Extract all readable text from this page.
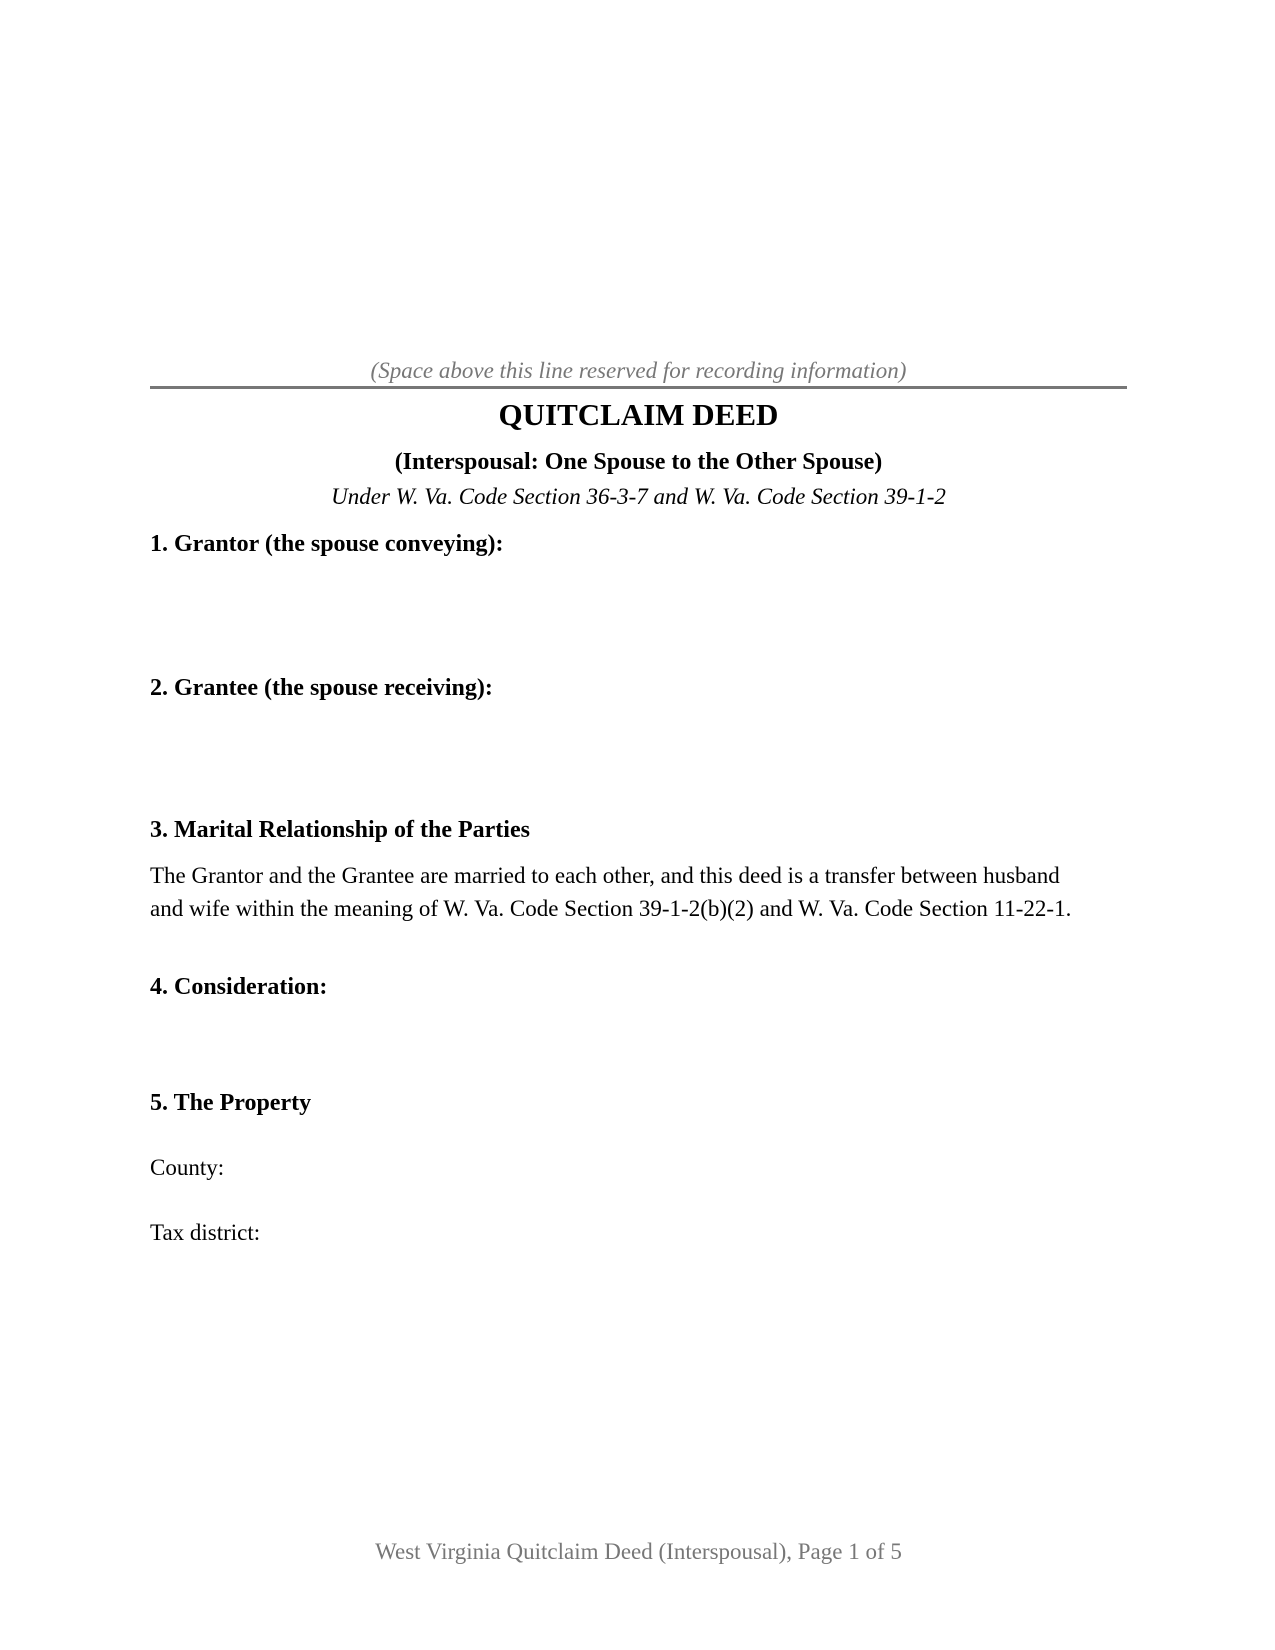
(Space above this line reserved for recording information)
QUITCLAIM DEED
(Interspousal: One Spouse to the Other Spouse)

Under W. Va. Code Section 36-3-7 and W. Va. Code Section 39-1-2

1. Grantor (the spouse conveying):
2. Grantee (the spouse receiving):
3. Marital Relationship of the Parties

The Grantor and the Grantee are married to each other, and this deed is a transfer between husband and wife within the meaning of W. Va. Code Section 39-1-2(b)(2) and W. Va. Code Section 11-22-1.

4. Consideration:
5. The Property

County:

Tax district:

West Virginia Quitclaim Deed (Interspousal), Page 1 of 5
